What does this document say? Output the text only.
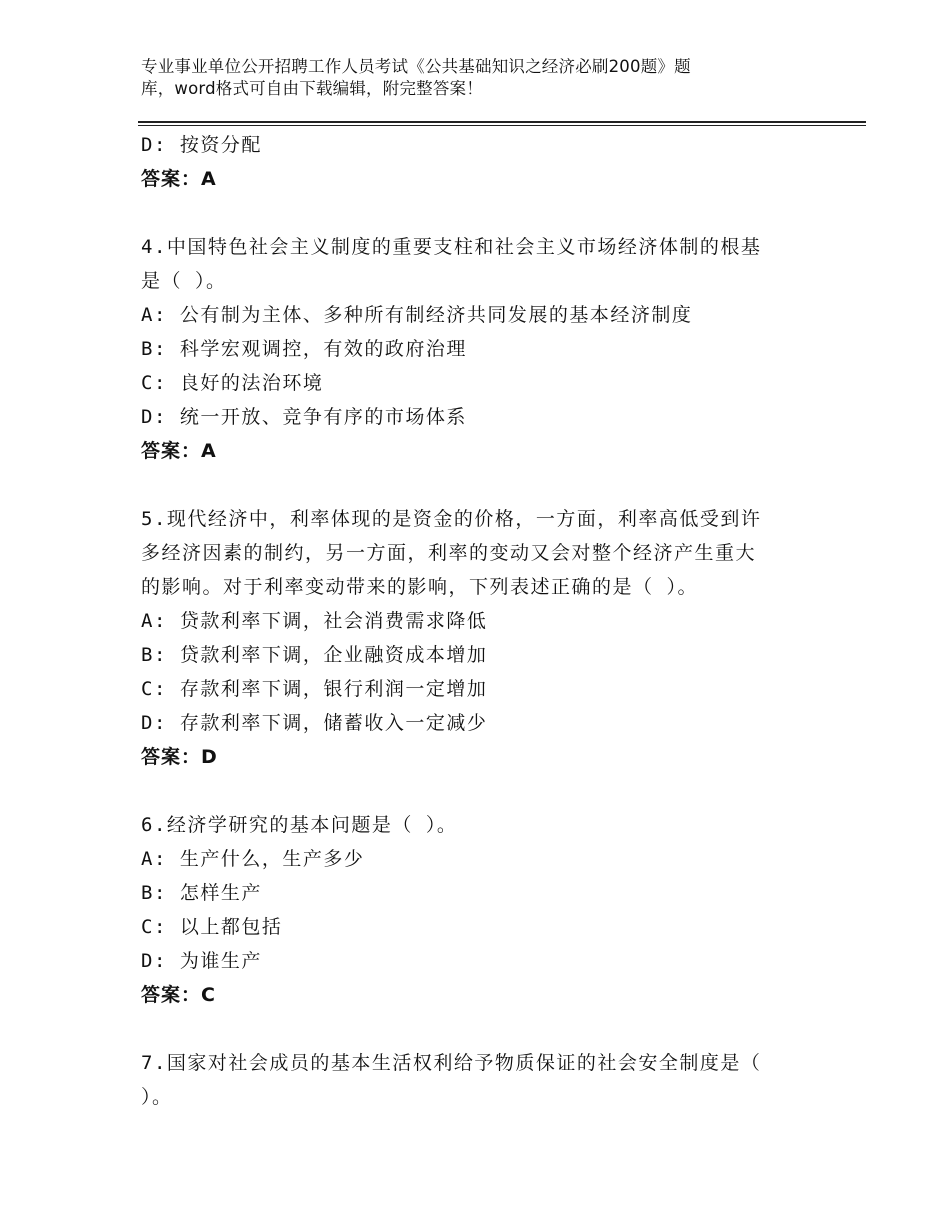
专业事业单位公开招聘工作人员考试《公共基础知识之经济必刷200题》题
库，word格式可自由下载编辑，附完整答案！
D: 按资分配
答案：A
4.中国特色社会主义制度的重要支柱和社会主义市场经济体制的根基
是（ ）。
A: 公有制为主体、多种所有制经济共同发展的基本经济制度
B: 科学宏观调控，有效的政府治理
C: 良好的法治环境
D: 统一开放、竞争有序的市场体系
答案：A
5.现代经济中，利率体现的是资金的价格，一方面，利率高低受到许
多经济因素的制约，另一方面，利率的变动又会对整个经济产生重大
的影响。对于利率变动带来的影响，下列表述正确的是（ ）。
A: 贷款利率下调，社会消费需求降低
B: 贷款利率下调，企业融资成本增加
C: 存款利率下调，银行利润一定增加
D: 存款利率下调，储蓄收入一定减少
答案：D
6.经济学研究的基本问题是（ ）。
A: 生产什么，生产多少
B: 怎样生产
C: 以上都包括
D: 为谁生产
答案：C
7.国家对社会成员的基本生活权利给予物质保证的社会安全制度是（
）。
